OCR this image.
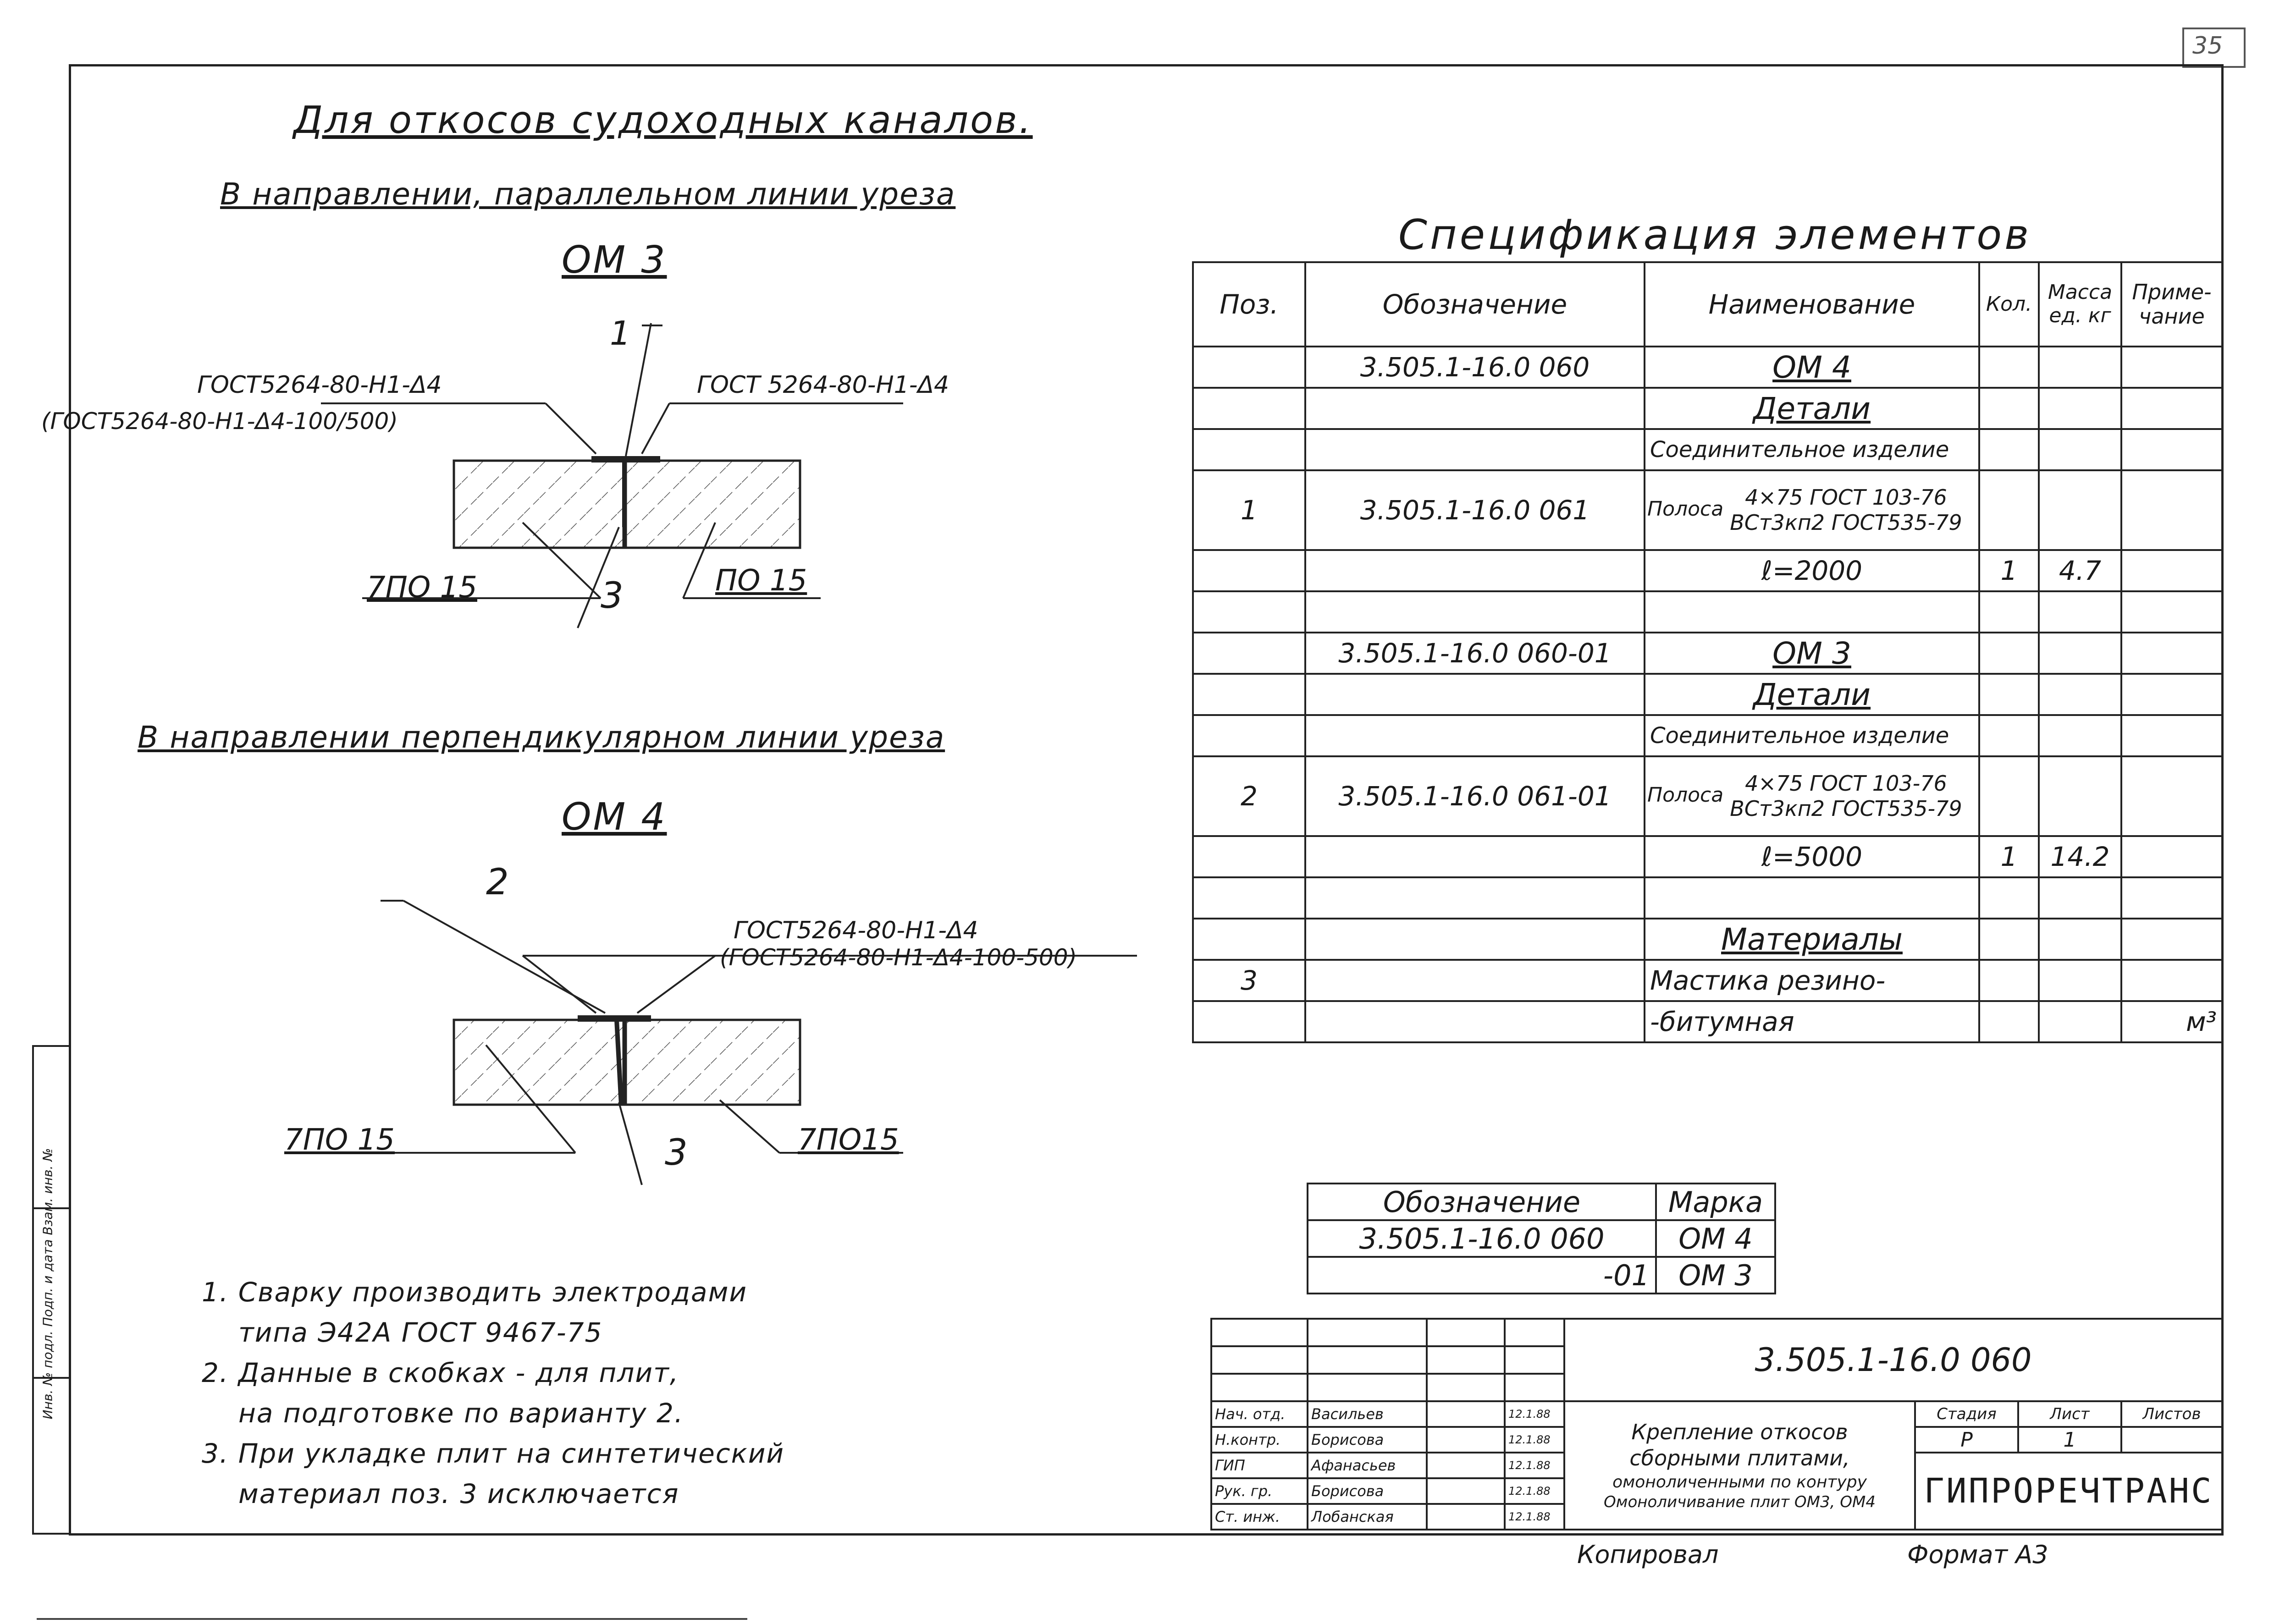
35
Инв. № подл. Подп. и дата Взам. инв. №
Для откосов судоходных каналов.
В направлении, параллельном линии уреза
ОМ 3
1
ГОСТ5264-80-Н1-Δ4
(ГОСТ5264-80-Н1-Δ4-100/500)
ГОСТ 5264-80-Н1-Δ4
7ПО 15	3	ПО 15
В направлении перпендикулярном линии уреза
ОМ 4
2
ГОСТ5264-80-Н1-Δ4
(ГОСТ5264-80-Н1-Δ4-100-500)
7ПО 15	3	7ПО15
1. Сварку производить электродами
типа Э42А ГОСТ 9467-75
2. Данные в скобках - для плит,
на подготовке по варианту 2.
3. При укладке плит на синтетический
материал поз. 3 исключается
Спецификация элементов
Поз.	Обозначение	Наименование	Кол.	Масса ед. кг	Приме- чание
	3.505.1-16.0 060	ОМ 4			
		Детали			
		Соединительное изделие			
1	3.505.1-16.0 061	Полоса 4×75 ГОСТ 103-76
ВСт3кп2 ГОСТ535-79			
		ℓ=2000	1	4.7	

	3.505.1-16.0 060-01	ОМ 3			
		Детали			
		Соединительное изделие			
2	3.505.1-16.0 061-01	Полоса 4×75 ГОСТ 103-76
ВСт3кп2 ГОСТ535-79			
		ℓ=5000	1	14.2	

		Материалы			
3		Мастика резино-			
		-битумная			м³
Обозначение	Марка
3.505.1-16.0 060	ОМ 4
-01	ОМ 3
				3.505.1-16.0 060			

Нач. отд.	Васильев		12.1.88	Крепление откосов
сборными плитами,
омоноличенными по контуру
Омоноличивание плит ОМ3, ОМ4	Стадия	Лист	Листов
Н.контр.	Борисова		12.1.88		Р	1	
ГИП	Афанасьев		12.1.88		ГИПРОРЕЧТРАНС		
Рук. гр.	Борисова		12.1.88				
Ст. инж.	Лобанская		12.1.88				
Копировал	Формат А3
